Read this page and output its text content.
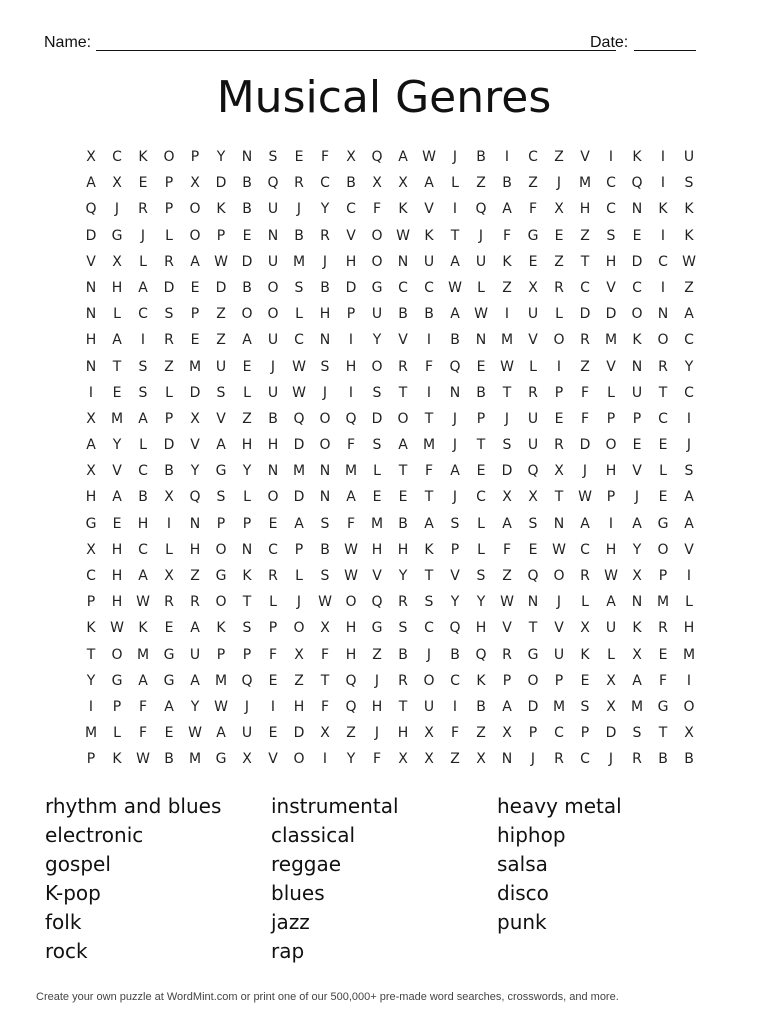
Name:	Date:
Musical Genres
X	C	K	O	P	Y	N	S	E	F	X	Q	A	W	J	B	I	C	Z	V	I	K	I	U
A	X	E	P	X	D	B	Q	R	C	B	X	X	A	L	Z	B	Z	J	M	C	Q	I	S
Q	J	R	P	O	K	B	U	J	Y	C	F	K	V	I	Q	A	F	X	H	C	N	K	K
D	G	J	L	O	P	E	N	B	R	V	O W	K	T	J	F	G	E	Z	S	E	I	K
V	X	L	R	A	W D	U	M	J	H	O	N	U	A	U	K	E	Z	T	H	D	C	W
N	H	A	D	E	D	B	O	S	B	D	G	C	C	W	L	Z	X	R	C	V	C	I	Z
N	L	C	S	P	Z	O	O	L	H	P	U	B	B	A	W	I	U	L	D	D	O	N	A
H	A	I	R	E	Z	A	U	C	N	I	Y	V	I	B	N	M	V	O	R	M	K	O	C
N	T	S	Z	M	U	E	J	W	S	H	O	R	F	Q	E	W	L	I	Z	V	N	R	Y
I	E	S	L	D	S	L	U W	J	I	S	T	I	N	B	T	R	P	F	L	U	T	C
X	M	A	P	X	V	Z	B	Q	O	Q	D	O	T	J	P	J	U	E	F	P	P	C	I
A	Y	L	D	V	A	H	H	D	O	F	S	A	M	J	T	S	U	R	D	O	E	E	J
X	V	C	B	Y	G	Y	N	M	N	M	L	T	F	A	E	D	Q	X	J	H	V	L	S
H	A	B	X	Q	S	L	O	D	N	A	E	E	T	J	C	X	X	T	W	P	J	E	A
G	E	H	I	N	P	P	E	A	S	F	M	B	A	S	L	A	S	N	A	I	A	G	A
X	H	C	L	H	O	N	C	P	B	W H	H	K	P	L	F	E	W	C	H	Y	O	V
C	H	A	X	Z	G	K	R	L	S	W	V	Y	T	V	S	Z	Q	O	R	W	X	P	I
P	H W	R	R	O	T	L	J	W O	Q	R	S	Y	Y	W N	J	L	A	N	M	L
K	W	K	E	A	K	S	P	O	X	H	G	S	C	Q	H	V	T	V	X	U	K	R	H
T	O	M	G	U	P	P	F	X	F	H	Z	B	J	B	Q	R	G	U	K	L	X	E	M
Y	G	A	G	A	M	Q	E	Z	T	Q	J	R	O	C	K	P	O	P	E	X	A	F	I
I	P	F	A	Y	W	J	I	H	F	Q	H	T	U	I	B	A	D	M	S	X	M	G	O
M	L	F	E	W	A	U	E	D	X	Z	J	H	X	F	Z	X	P	C	P	D	S	T	X
P	K	W	B	M	G	X	V	O	I	Y	F	X	X	Z	X	N	J	R	C	J	R	B	B
rhythm and blues
electronic
gospel
K-pop
folk
rock
instrumental
classical
reggae
blues
jazz
rap
heavy metal
hiphop
salsa
disco
punk
Create your own puzzle at WordMint.com or print one of our 500,000+ pre-made word searches, crosswords, and more.
